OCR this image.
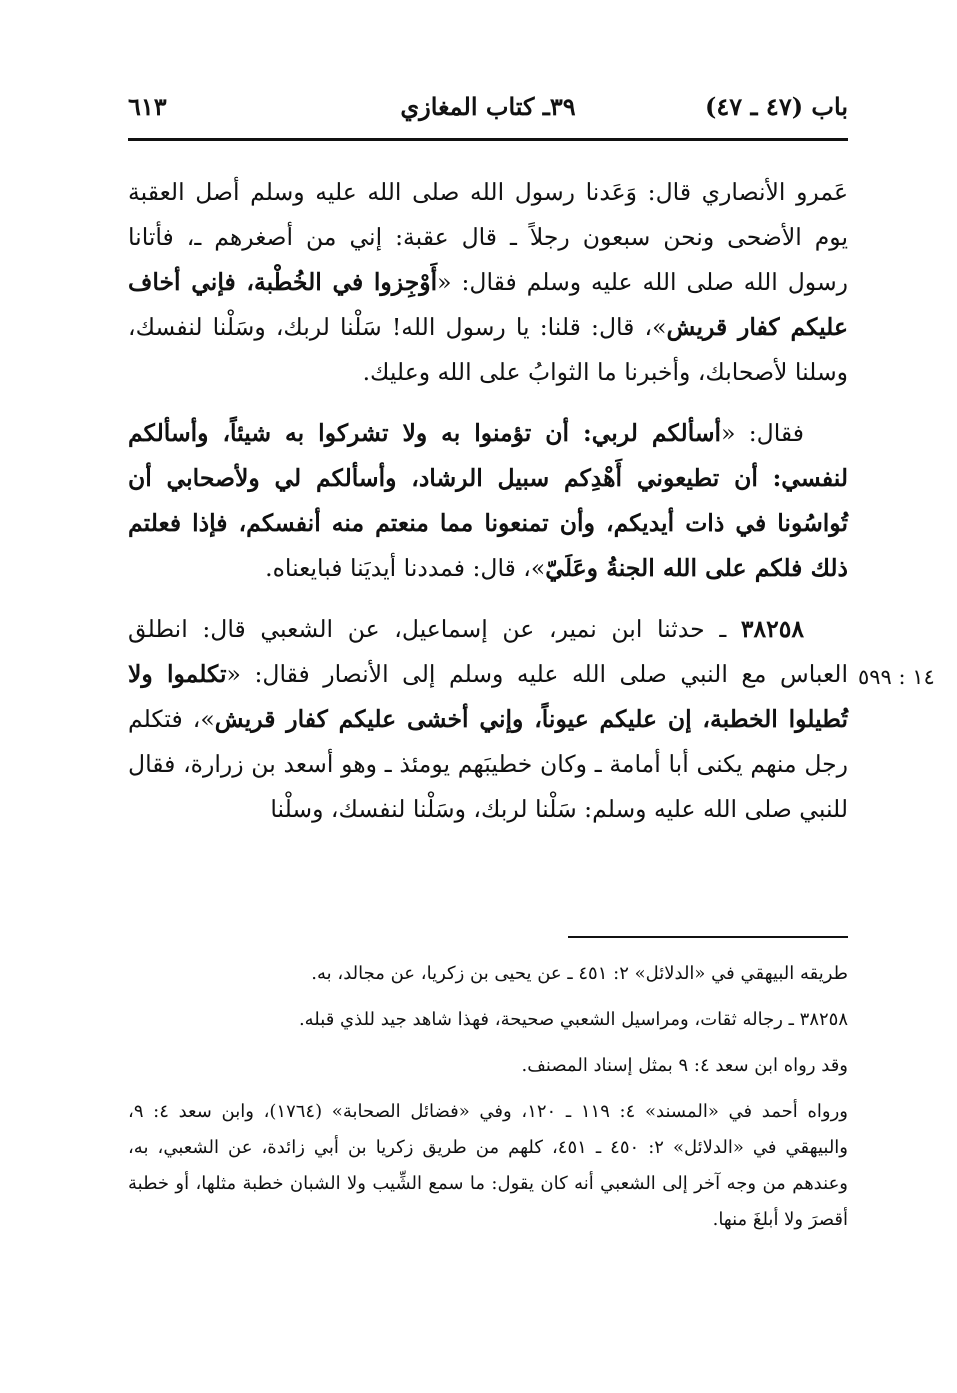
باب (٤٧ ـ ٤٧)
٣٩ـ كتاب المغازي
٦١٣

عَمرو الأنصاري قال: وَعَدنا رسول الله صلى الله عليه وسلم أصل العقبة يوم الأضحى ونحن سبعون رجلاً ـ قال عقبة: إني من أصغرهم ـ، فأتانا رسول الله صلى الله عليه وسلم فقال: «أَوْجِزوا في الخُطْبة، فإني أخاف عليكم كفار قريش»، قال: قلنا: يا رسول الله! سَلْنا لربك، وسَلْنا لنفسك، وسلنا لأصحابك، وأخبرنا ما الثوابُ على الله وعليك.

فقال: «أسألكم لربي: أن تؤمنوا به ولا تشركوا به شيئاً، وأسألكم لنفسي: أن تطيعوني أَهْدِكم سبيل الرشاد، وأسألكم لي ولأصحابي أن تُواسُونا في ذات أيديكم، وأن تمنعونا مما منعتم منه أنفسكم، فإذا فعلتم ذلك فلكم على الله الجنةُ وعَلَيّ»، قال: فمددنا أيديَنا فبايعناه.

٣٨٢٥٨ ـ حدثنا ابن نمير، عن إسماعيل، عن الشعبي قال: انطلق العباس مع النبي صلى الله عليه وسلم إلى الأنصار فقال: «تكلموا ولا تُطيلوا الخطبة، إن عليكم عيوناً، وإني أخشى عليكم كفار قريش»، فتكلم رجل منهم يكنى أبا أمامة ـ وكان خطيبَهم يومئذ ـ وهو أسعد بن زرارة، فقال للنبي صلى الله عليه وسلم: سَلْنا لربك، وسَلْنا لنفسك، وسلْنا

١٤ : ٥٩٩

طريقه البيهقي في «الدلائل» ٢: ٤٥١ ـ عن يحيى بن زكريا، عن مجالد، به.

٣٨٢٥٨ ـ رجاله ثقات، ومراسيل الشعبي صحيحة، فهذا شاهد جيد للذي قبله.

وقد رواه ابن سعد ٤: ٩ بمثل إسناد المصنف.

ورواه أحمد في «المسند» ٤: ١١٩ ـ ١٢٠، وفي «فضائل الصحابة» (١٧٦٤)، وابن سعد ٤: ٩، والبيهقي في «الدلائل» ٢: ٤٥٠ ـ ٤٥١، كلهم من طريق زكريا بن أبي زائدة، عن الشعبي، به، وعندهم من وجه آخر إلى الشعبي أنه كان يقول: ما سمع الشِّيب ولا الشبان خطبة مثلها، أو خطبة أقصرَ ولا أبلغَ منها.
